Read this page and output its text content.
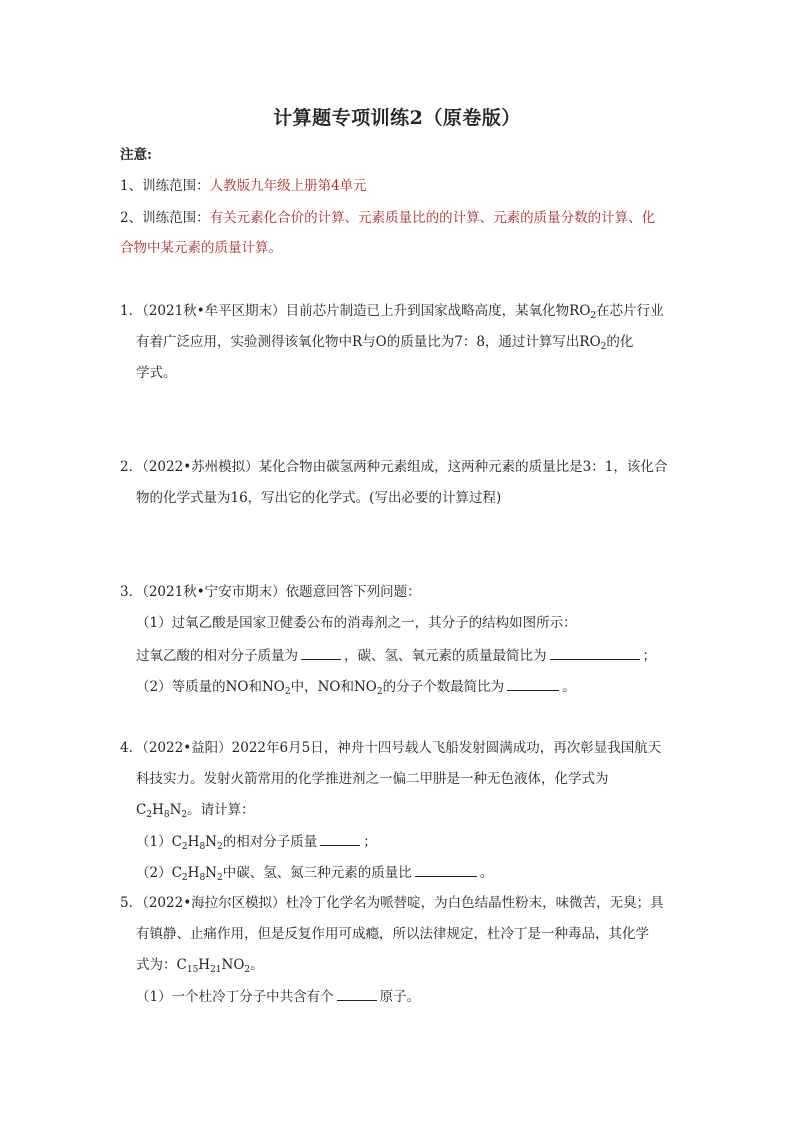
计算题专项训练2（原卷版）
注意:
1、训练范围：人教版九年级上册第4单元
2、训练范围：有关元素化合价的计算、元素质量比的的计算、元素的质量分数的计算、化
合物中某元素的质量计算。
1．（2021秋•牟平区期末）目前芯片制造已上升到国家战略高度，某氧化物$RO_2$在芯片行业
有着广泛应用，实验测得该氧化物中R与O的质量比为7：8，通过计算写出$RO_2$的化
学式。
2．（2022•苏州模拟）某化合物由碳氢两种元素组成，这两种元素的质量比是3：1，该化合
物的化学式量为16，写出它的化学式。(写出必要的计算过程)
3．（2021秋•宁安市期末）依题意回答下列问题：
（1）过氧乙酸是国家卫健委公布的消毒剂之一，其分子的结构如图所示：
过氧乙酸的相对分子质量为	，碳、氢、氧元素的质量最简比为	；
（2）等质量的NO和$NO_2$中，NO和$NO_2$的分子个数最简比为	。
4．（2022•益阳）2022年6月5日，神舟十四号载人飞船发射圆满成功，再次彰显我国航天
科技实力。发射火箭常用的化学推进剂之一偏二甲肼是一种无色液体，化学式为
$C_2H_8N_2$。请计算：
$(1)C_2H_8N_2$的相对分子质量	；
$(2)C_2H_8N_2$中碳、氢、氮三种元素的质量比	。
5．（2022•海拉尔区模拟）杜冷丁化学名为哌替啶，为白色结晶性粉末，味微苦，无臭；具
有镇静、止痛作用，但是反复作用可成瘾，所以法律规定，杜冷丁是一种毒品，其化学
式为：$C_{15}H_{21}NO_2$。
（1）一个杜冷丁分子中共含有个	原子。
